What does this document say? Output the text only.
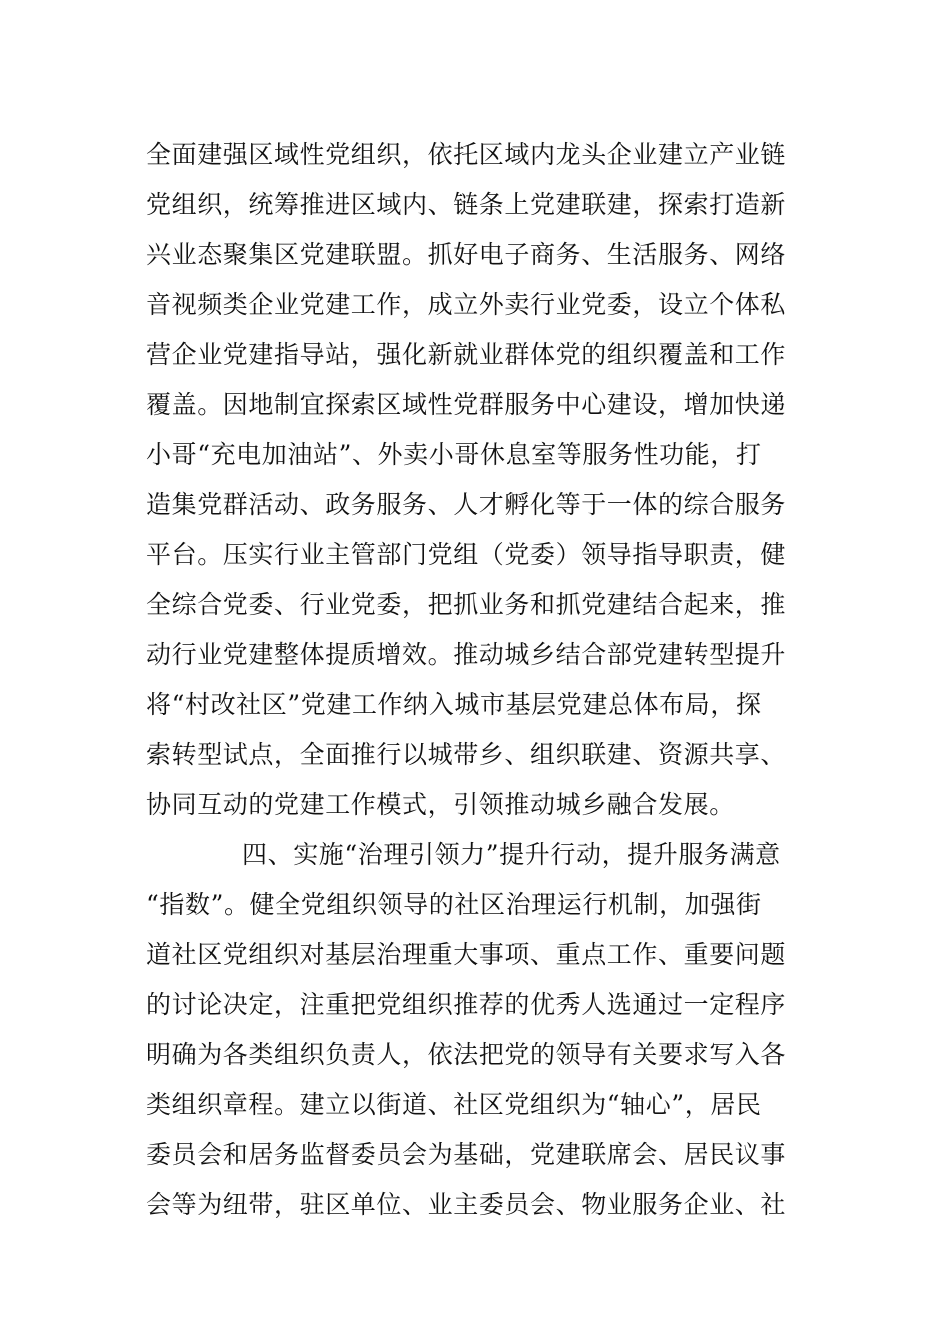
全面建强区域性党组织，依托区域内龙头企业建立产业链
党组织，统筹推进区域内、链条上党建联建，探索打造新
兴业态聚集区党建联盟。抓好电子商务、生活服务、网络
音视频类企业党建工作，成立外卖行业党委，设立个体私
营企业党建指导站，强化新就业群体党的组织覆盖和工作
覆盖。因地制宜探索区域性党群服务中心建设，增加快递
小哥“充电加油站”、外卖小哥休息室等服务性功能，打
造集党群活动、政务服务、人才孵化等于一体的综合服务
平台。压实行业主管部门党组（党委）领导指导职责，健
全综合党委、行业党委，把抓业务和抓党建结合起来，推
动行业党建整体提质增效。推动城乡结合部党建转型提升
将“村改社区”党建工作纳入城市基层党建总体布局，探
索转型试点，全面推行以城带乡、组织联建、资源共享、
协同互动的党建工作模式，引领推动城乡融合发展。
四、实施“治理引领力”提升行动，提升服务满意
“指数”。健全党组织领导的社区治理运行机制，加强街
道社区党组织对基层治理重大事项、重点工作、重要问题
的讨论决定，注重把党组织推荐的优秀人选通过一定程序
明确为各类组织负责人，依法把党的领导有关要求写入各
类组织章程。建立以街道、社区党组织为“轴心”，居民
委员会和居务监督委员会为基础，党建联席会、居民议事
会等为纽带，驻区单位、业主委员会、物业服务企业、社
